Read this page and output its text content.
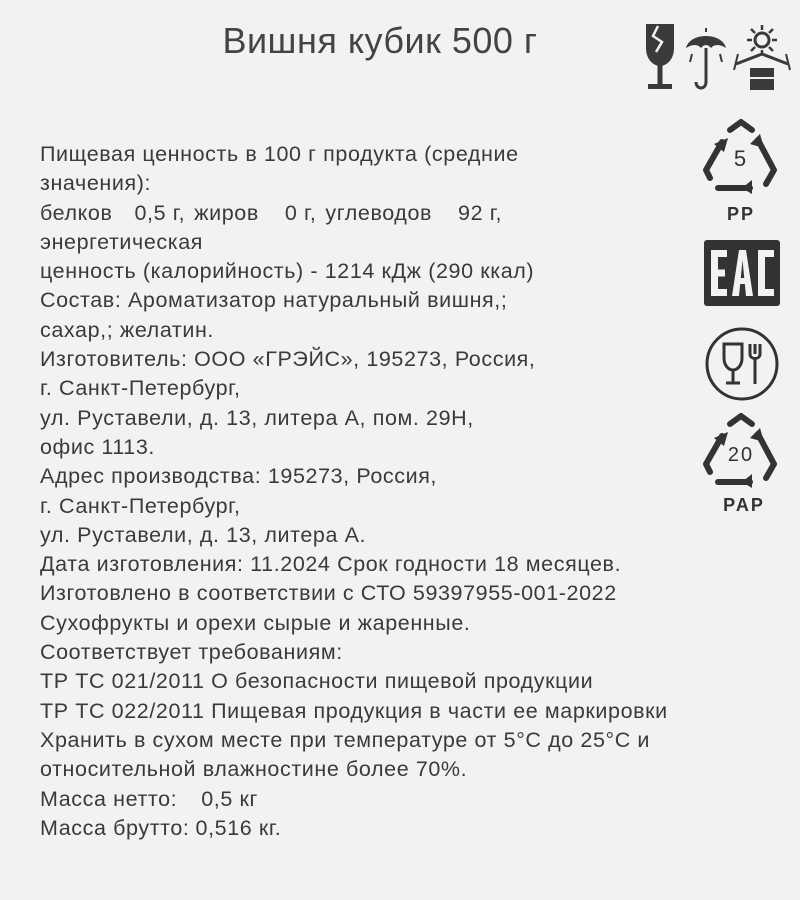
Вишня кубик 500 г
5
PP
20
PAP
Пищевая ценность в 100 г продукта (средние
значения):
белков 0,5 г, жиров 0 г, углеводов 92 г,
энергетическая
ценность (калорийность) - 1214 кДж (290 ккал)
Состав: Ароматизатор натуральный вишня,;
сахар,; желатин.
Изготовитель: ООО «ГРЭЙС», 195273, Россия,
г. Санкт-Петербург,
ул. Руставели, д. 13, литера А, пом. 29Н,
офис 1113.
Адрес производства: 195273, Россия,
г. Санкт-Петербург,
ул. Руставели, д. 13, литера А.
Дата изготовления: 11.2024 Срок годности 18 месяцев.
Изготовлено в соответствии с СТО 59397955-001-2022
Сухофрукты и орехи сырые и жаренные.
Соответствует требованиям:
ТР ТС 021/2011 О безопасности пищевой продукции
ТР ТС 022/2011 Пищевая продукция в части ее маркировки
Хранить в сухом месте при температуре от 5°C до 25°C и
относительной влажностине более 70%.
Масса нетто: 0,5 кг
Масса брутто: 0,516 кг.
